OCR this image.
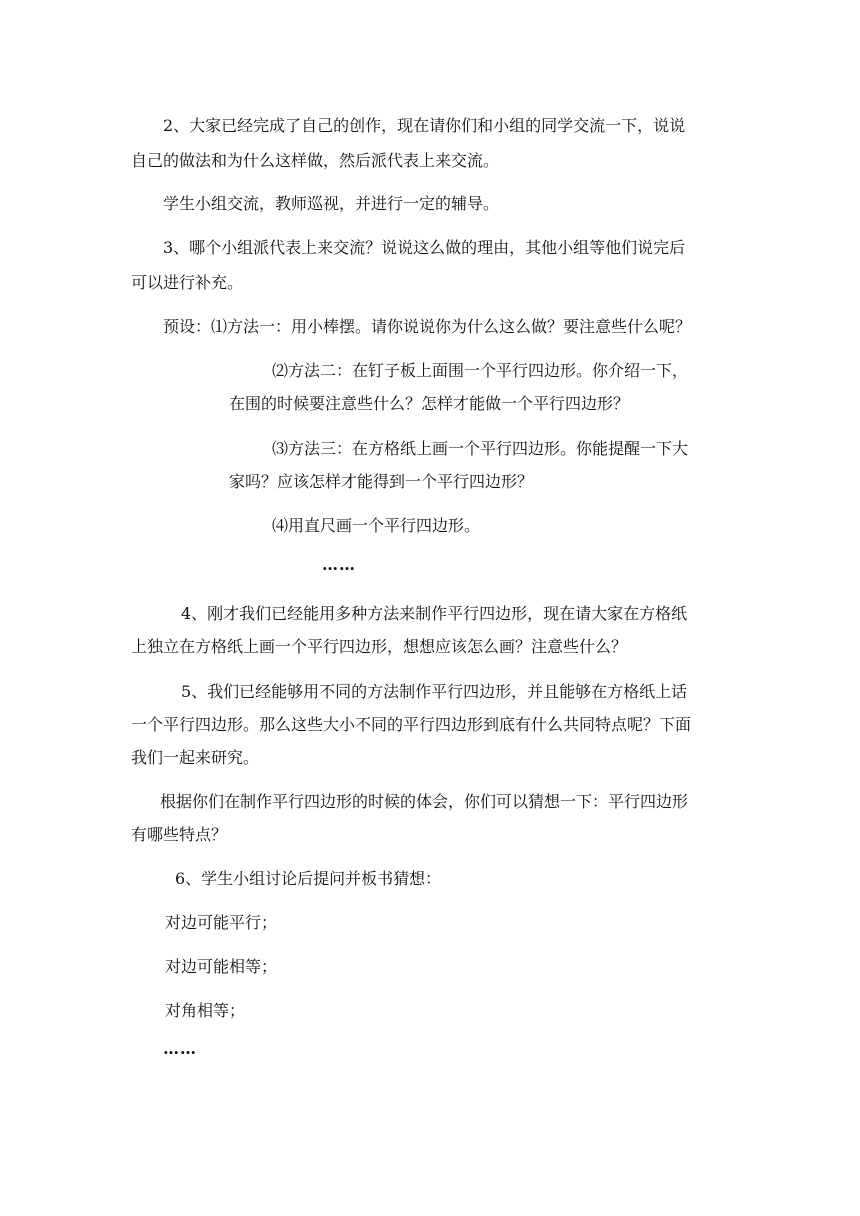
2、大家已经完成了自己的创作，现在请你们和小组的同学交流一下，说说
自己的做法和为什么这样做，然后派代表上来交流。
学生小组交流，教师巡视，并进行一定的辅导。
3、哪个小组派代表上来交流？说说这么做的理由，其他小组等他们说完后
可以进行补充。
预设：⑴方法一：用小棒摆。请你说说你为什么这么做？要注意些什么呢？
⑵方法二：在钉子板上面围一个平行四边形。你介绍一下，
在围的时候要注意些什么？怎样才能做一个平行四边形？
⑶方法三：在方格纸上画一个平行四边形。你能提醒一下大
家吗？应该怎样才能得到一个平行四边形？
⑷用直尺画一个平行四边形。
……
4、刚才我们已经能用多种方法来制作平行四边形，现在请大家在方格纸
上独立在方格纸上画一个平行四边形，想想应该怎么画？注意些什么？
5、我们已经能够用不同的方法制作平行四边形，并且能够在方格纸上话
一个平行四边形。那么这些大小不同的平行四边形到底有什么共同特点呢？下面
我们一起来研究。
根据你们在制作平行四边形的时候的体会，你们可以猜想一下：平行四边形
有哪些特点？
6、学生小组讨论后提问并板书猜想：
对边可能平行；
对边可能相等；
对角相等；
……
